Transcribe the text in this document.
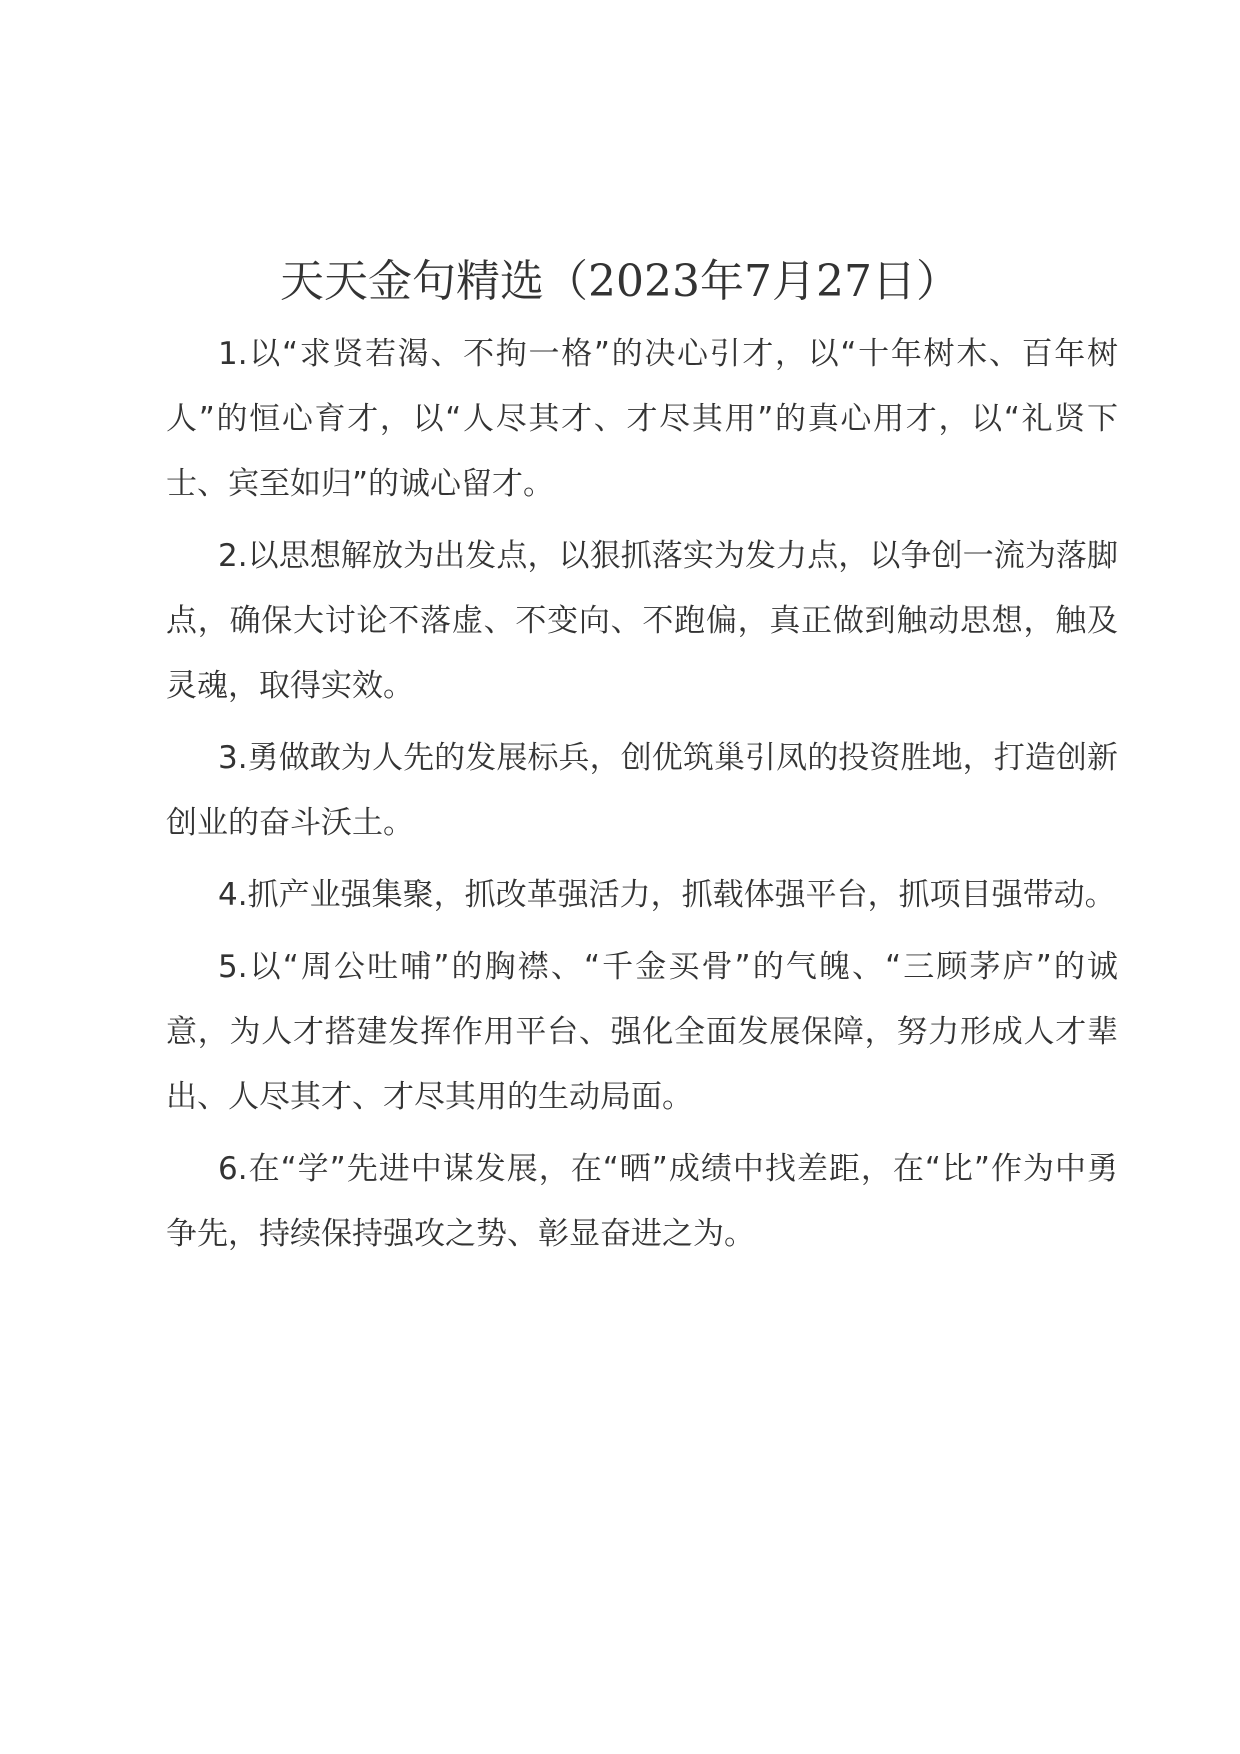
天天金句精选（2023年7月27日）

1.以“求贤若渴、不拘一格”的决心引才，以“十年树木、百年树人”的恒心育才，以“人尽其才、才尽其用”的真心用才，以“礼贤下士、宾至如归”的诚心留才。

2.以思想解放为出发点，以狠抓落实为发力点，以争创一流为落脚点，确保大讨论不落虚、不变向、不跑偏，真正做到触动思想，触及灵魂，取得实效。

3.勇做敢为人先的发展标兵，创优筑巢引凤的投资胜地，打造创新创业的奋斗沃土。

4.抓产业强集聚，抓改革强活力，抓载体强平台，抓项目强带动。

5.以“周公吐哺”的胸襟、“千金买骨”的气魄、“三顾茅庐”的诚意，为人才搭建发挥作用平台、强化全面发展保障，努力形成人才辈出、人尽其才、才尽其用的生动局面。

6.在“学”先进中谋发展，在“晒”成绩中找差距，在“比”作为中勇争先，持续保持强攻之势、彰显奋进之为。
